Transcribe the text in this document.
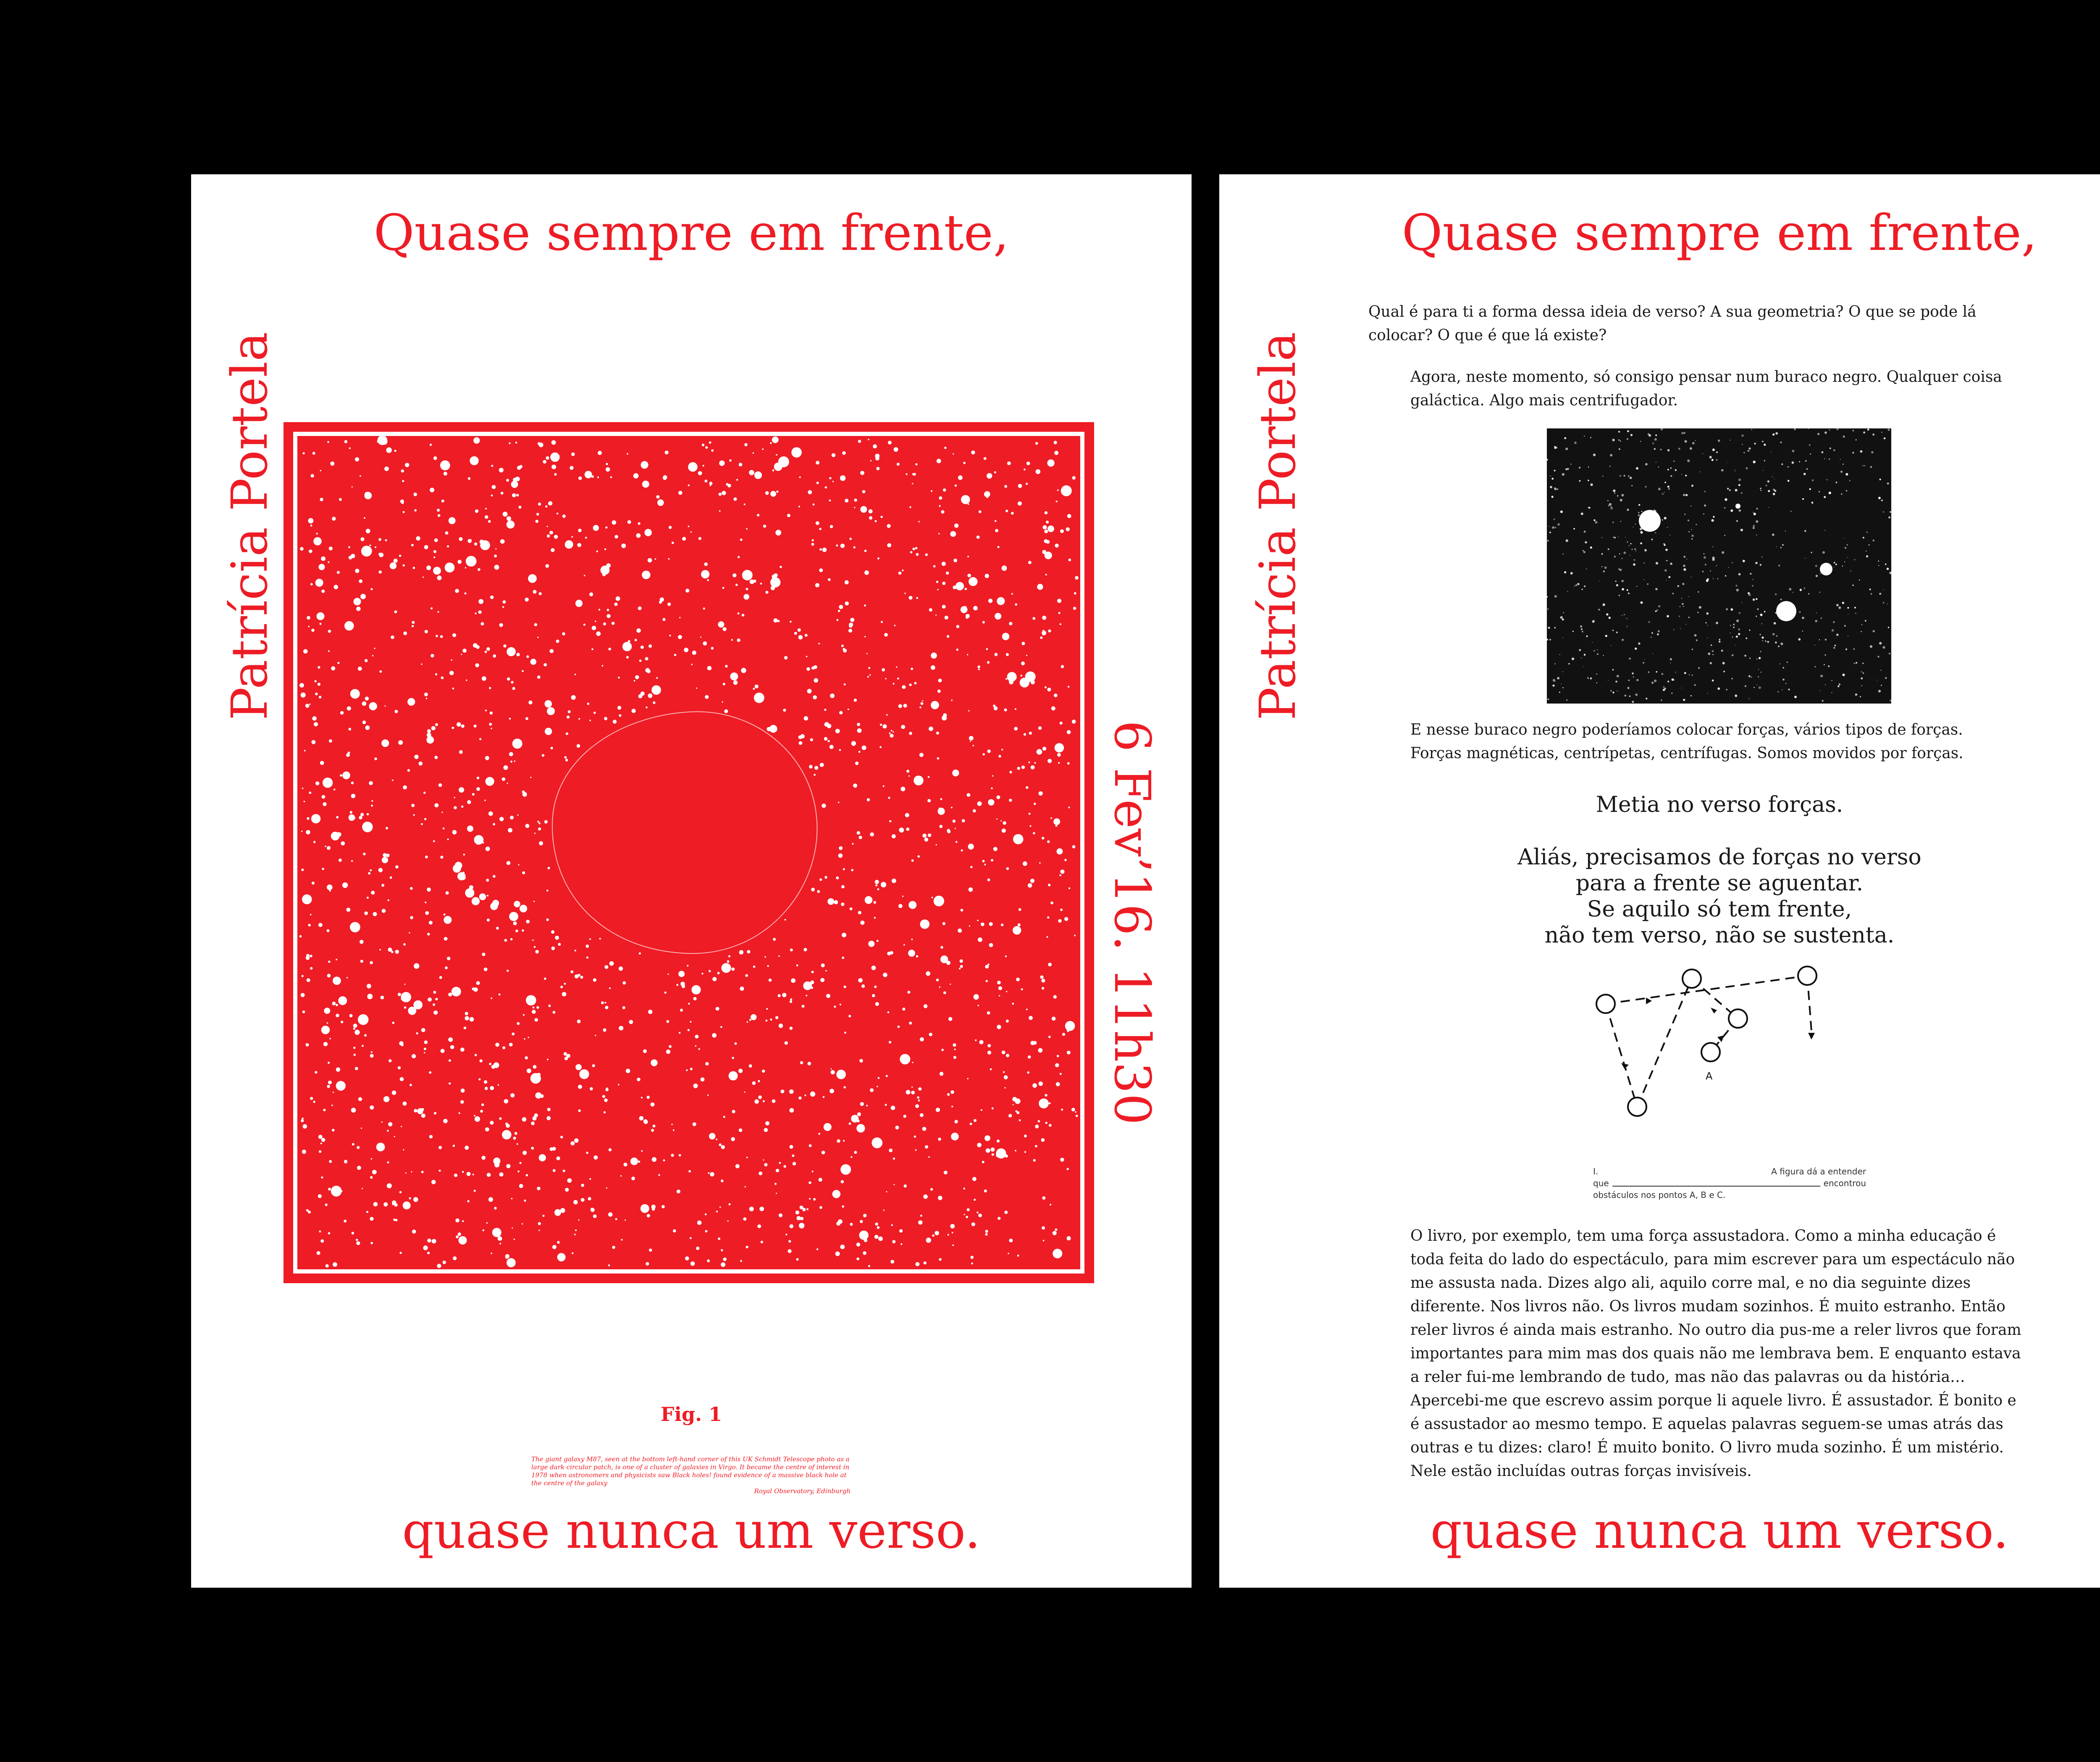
Quase sempre em frente,
Patrícia Portela
6 Fev’16. 11h30
Fig. 1
The giant galaxy M87, seen at the bottom left-hand corner of this UK Schmidt Telescope photo as a large dark circular patch, is one of a cluster of galaxies in Virgo. It became the centre of interest in 1978 when astronomers and physicists saw Black holes! found evidence of a massive black hole at the centre of the galaxy
Royal Observatory, Edinburgh
quase nunca um verso.
Quase sempre em frente,
Patrícia Portela
Qual é para ti a forma dessa ideia de verso? A sua geometria? O que se pode lá colocar? O que é que lá existe?
Agora, neste momento, só consigo pensar num buraco negro. Qualquer coisa galáctica. Algo mais centrifugador.
E nesse buraco negro poderíamos colocar forças, vários tipos de forças. Forças magnéticas, centrípetas, centrífugas. Somos movidos por forças.
Metia no verso forças.
Aliás, precisamos de forças no verso
para a frente se aguentar.
Se aquilo só tem frente,
não tem verso, não se sustenta.
A
I.	A figura dá a entender
que	encontrou
obstáculos nos pontos A, B e C.
O livro, por exemplo, tem uma força assustadora. Como a minha educação é toda feita do lado do espectáculo, para mim escrever para um espectáculo não me assusta nada. Dizes algo ali, aquilo corre mal, e no dia seguinte dizes diferente. Nos livros não. Os livros mudam sozinhos. É muito estranho. Então reler livros é ainda mais estranho. No outro dia pus-me a reler livros que foram importantes para mim mas dos quais não me lembrava bem. E enquanto estava a reler fui-me lembrando de tudo, mas não das palavras ou da história… Apercebi-me que escrevo assim porque li aquele livro. É assustador. É bonito e é assustador ao mesmo tempo. E aquelas palavras seguem-se umas atrás das outras e tu dizes: claro! É muito bonito. O livro muda sozinho. É um mistério. Nele estão incluídas outras forças invisíveis.
quase nunca um verso.
